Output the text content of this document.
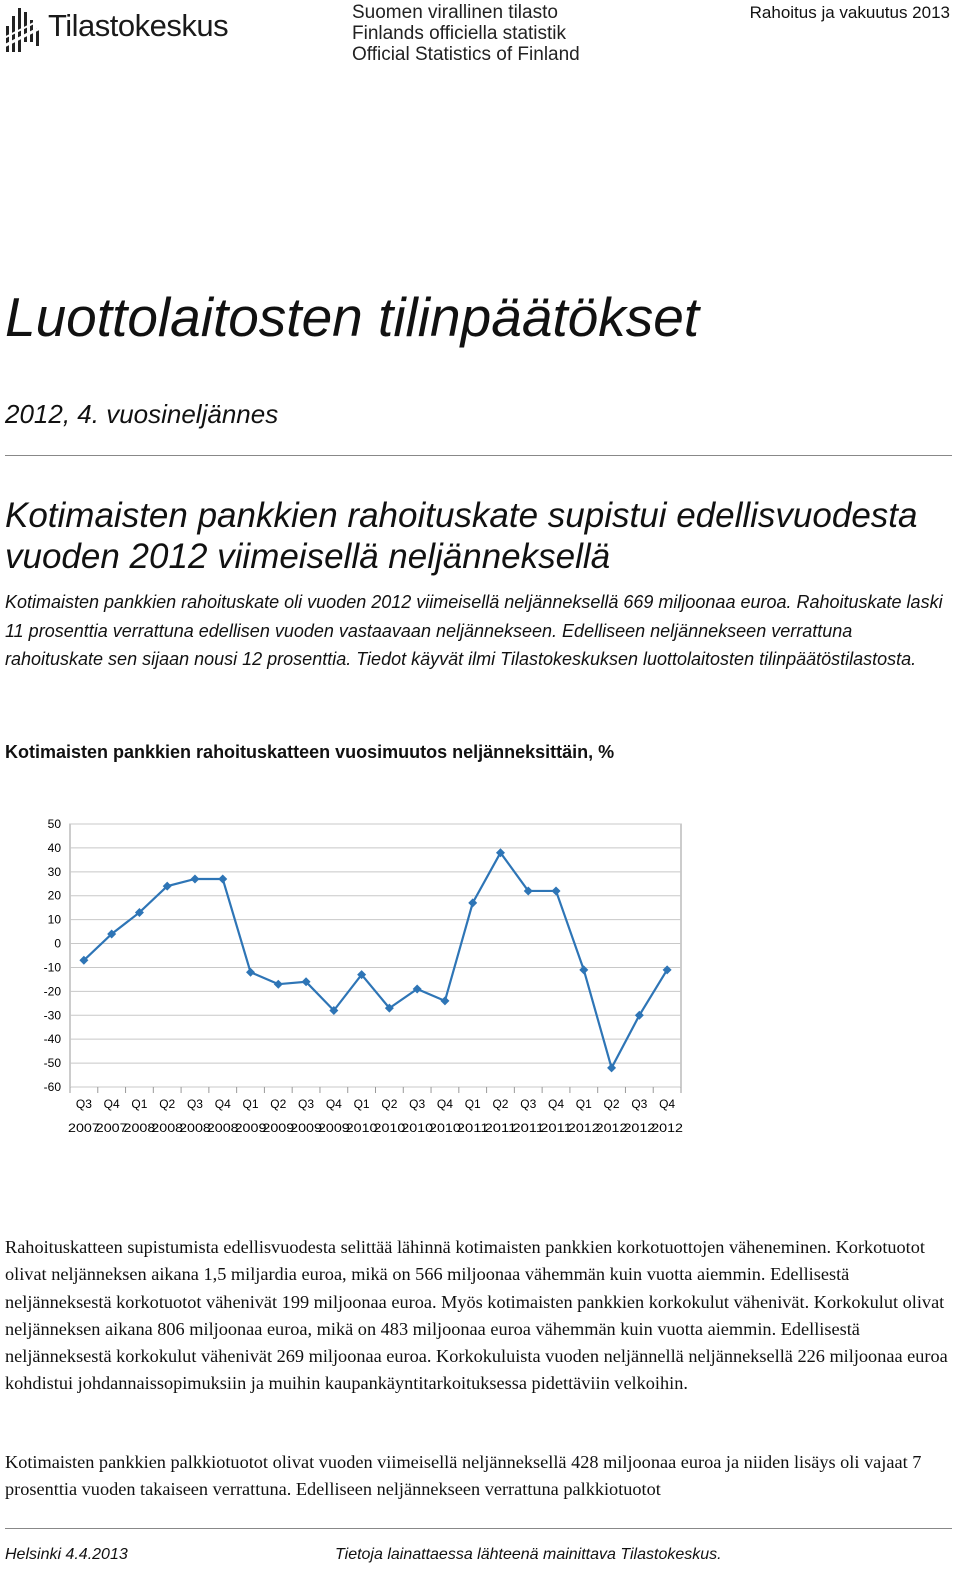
Tilastokeskus	Suomen virallinen tilasto
Finlands officiella statistik
Official Statistics of Finland
Rahoitus ja vakuutus 2013
Luottolaitosten tilinpäätökset
2012, 4. vuosineljännes
Kotimaisten pankkien rahoituskate supistui edellisvuodesta vuoden 2012 viimeisellä neljänneksellä
Kotimaisten pankkien rahoituskate oli vuoden 2012 viimeisellä neljänneksellä 669 miljoonaa euroa. Rahoituskate laski 11 prosenttia verrattuna edellisen vuoden vastaavaan neljännekseen. Edelliseen neljännekseen verrattuna rahoituskate sen sijaan nousi 12 prosenttia. Tiedot käyvät ilmi Tilastokeskuksen luottolaitosten tilinpäätöstilastosta.
Kotimaisten pankkien rahoituskatteen vuosimuutos neljänneksittäin, %
50
40
30
20
10
0
-10
-20
-30
-40
-50
-60
Q3
2007
Q4
2007
Q1
2008
Q2
2008
Q3
2008
Q4
2008
Q1
2009
Q2
2009
Q3
2009
Q4
2009
Q1
2010
Q2
2010
Q3
2010
Q4
2010
Q1
2011
Q2
2011
Q3
2011
Q4
2011
Q1
2012
Q2
2012
Q3
2012
Q4
2012
Rahoituskatteen supistumista edellisvuodesta selittää lähinnä kotimaisten pankkien korkotuottojen väheneminen. Korkotuotot olivat neljänneksen aikana 1,5 miljardia euroa, mikä on 566 miljoonaa vähemmän kuin vuotta aiemmin. Edellisestä neljänneksestä korkotuotot vähenivät 199 miljoonaa euroa. Myös kotimaisten pankkien korkokulut vähenivät. Korkokulut olivat neljänneksen aikana 806 miljoonaa euroa, mikä on 483 miljoonaa euroa vähemmän kuin vuotta aiemmin. Edellisestä neljänneksestä korkokulut vähenivät 269 miljoonaa euroa. Korkokuluista vuoden neljännellä neljänneksellä 226 miljoonaa euroa kohdistui johdannaissopimuksiin ja muihin kaupankäyntitarkoituksessa pidettäviin velkoihin.
Kotimaisten pankkien palkkiotuotot olivat vuoden viimeisellä neljänneksellä 428 miljoonaa euroa ja niiden lisäys oli vajaat 7 prosenttia vuoden takaiseen verrattuna. Edelliseen neljännekseen verrattuna palkkiotuotot
Helsinki 4.4.2013	Tietoja lainattaessa lähteenä mainittava Tilastokeskus.
